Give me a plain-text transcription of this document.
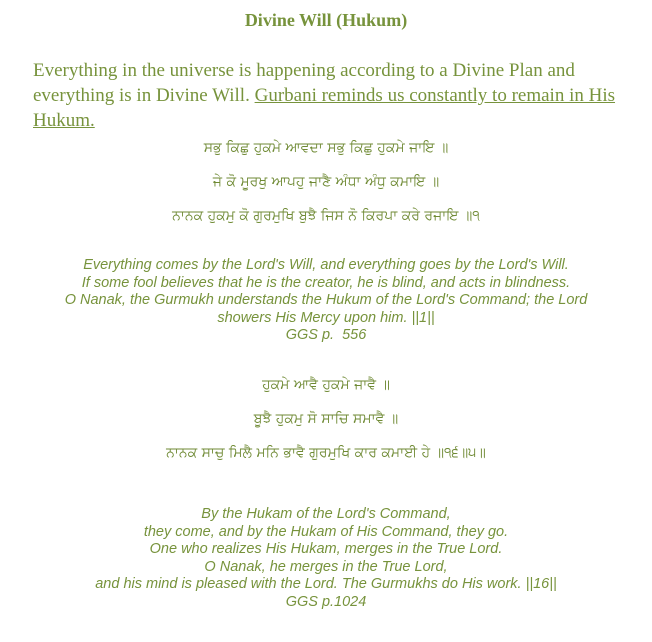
Divine Will (Hukum)
Everything in the universe is happening according to a Divine Plan and everything is in Divine Will. Gurbani reminds us constantly to remain in His Hukum.
ਸਭੁ ਕਿਛੁ ਹੁਕਮੇ ਆਵਦਾ ਸਭੁ ਕਿਛੁ ਹੁਕਮੇ ਜਾਇ ॥
ਜੇ ਕੋ ਮੂਰਖੁ ਆਪਹੁ ਜਾਣੈ ਅੰਧਾ ਅੰਧੁ ਕਮਾਇ ॥
ਨਾਨਕ ਹੁਕਮੁ ਕੋ ਗੁਰਮੁਖਿ ਬੁਝੈ ਜਿਸ ਨੋ ਕਿਰਪਾ ਕਰੇ ਰਜਾਇ ॥੧
Everything comes by the Lord's Will, and everything goes by the Lord's Will.
If some fool believes that he is the creator, he is blind, and acts in blindness.
O Nanak, the Gurmukh understands the Hukum of the Lord's Command; the Lord
showers His Mercy upon him. ||1||
GGS p.  556
ਹੁਕਮੇ ਆਵੈ ਹੁਕਮੇ ਜਾਵੈ ॥
ਬੂਝੈ ਹੁਕਮੁ ਸੋ ਸਾਚਿ ਸਮਾਵੈ ॥
ਨਾਨਕ ਸਾਚੁ ਮਿਲੈ ਮਨਿ ਭਾਵੈ ਗੁਰਮੁਖਿ ਕਾਰ ਕਮਾਈ ਹੇ ॥੧੬॥੫॥
By the Hukam of the Lord's Command,
they come, and by the Hukam of His Command, they go.
One who realizes His Hukam, merges in the True Lord.
O Nanak, he merges in the True Lord,
and his mind is pleased with the Lord. The Gurmukhs do His work. ||16||
GGS p.1024
